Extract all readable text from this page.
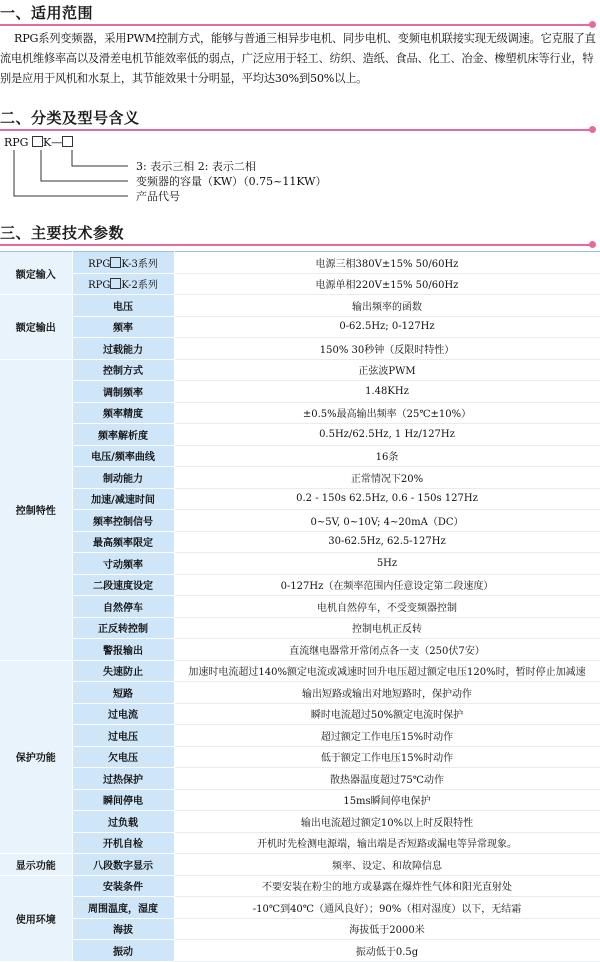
一、适用范围

RPG系列变频器，采用PWM控制方式，能够与普通三相异步电机、同步电机、变频电机联接实现无级调速。它克服了直流电机维修率高以及滑差电机节能效率低的弱点，广泛应用于轻工、纺织、造纸、食品、化工、冶金、橡塑机床等行业，特别是应用于风机和水泵上，其节能效果十分明显，平均达30%到50%以上。

二、分类及型号含义
RPG K—
3: 表示三相 2: 表示二相
变频器的容量（KW）（0.75~11KW）
产品代号
三、主要技术参数
额定输入	RPG K-3系列	电源三相380V±15% 50/60Hz
	RPG K-2系列	电源单相220V±15% 50/60Hz
额定输出	电压	输出频率的函数
	频率	0-62.5Hz; 0-127Hz
	过载能力	150% 30秒钟（反限时特性）
控制特性	控制方式	正弦波PWM
	调制频率	1.48KHz
	频率精度	±0.5%最高输出频率（25℃±10%）
	频率解析度	0.5Hz/62.5Hz, 1 Hz/127Hz
	电压/频率曲线	16条
	制动能力	正常情况下20%
	加速/减速时间	0.2 - 150s 62.5Hz, 0.6 - 150s 127Hz
	频率控制信号	0~5V, 0~10V; 4~20mA（DC）
	最高频率限定	30-62.5Hz, 62.5-127Hz
	寸动频率	5Hz
	二段速度设定	0-127Hz（在频率范围内任意设定第二段速度）
	自然停车	电机自然停车，不受变频器控制
	正反转控制	控制电机正反转
	警报输出	直流继电器常开常闭点各一支（250伏7安）
保护功能	失速防止	加速时电流超过140%额定电流或减速时回升电压超过额定电压120%时，暂时停止加减速
	短路	输出短路或输出对地短路时，保护动作
	过电流	瞬时电流超过50%额定电流时保护
	过电压	超过额定工作电压15%时动作
	欠电压	低于额定工作电压15%时动作
	过热保护	散热器温度超过75℃动作
	瞬间停电	15ms瞬间停电保护
	过负载	输出电流超过额定10%以上时反限特性
	开机自检	开机时先检测电源端，输出端是否短路或漏电等异常现象。
显示功能	八段数字显示	频率、设定、和故障信息
使用环境	安装条件	不要安装在粉尘的地方或暴露在爆炸性气体和阳光直射处
	周围温度，湿度	-10℃到40℃（通风良好）；90%（相对湿度）以下，无结霜
	海拔	海拔低于2000米
	振动	振动低于0.5g
